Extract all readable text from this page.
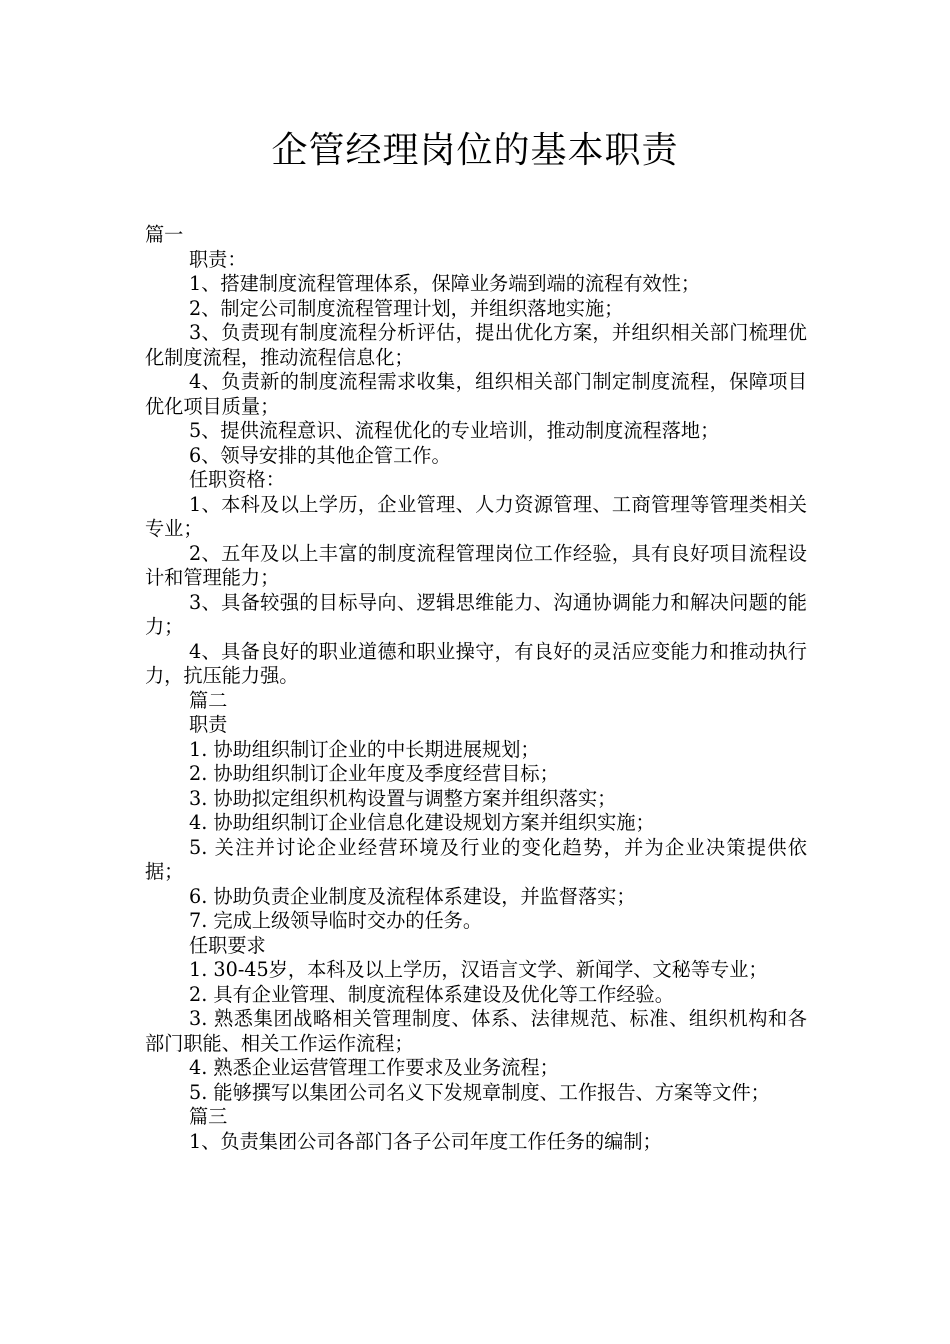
企管经理岗位的基本职责

篇一

职责：

1、搭建制度流程管理体系，保障业务端到端的流程有效性；

2、制定公司制度流程管理计划，并组织落地实施；

3、负责现有制度流程分析评估，提出优化方案，并组织相关部门梳理优化制度流程，推动流程信息化；

4、负责新的制度流程需求收集，组织相关部门制定制度流程，保障项目优化项目质量；

5、提供流程意识、流程优化的专业培训，推动制度流程落地；

6、领导安排的其他企管工作。

任职资格：

1、本科及以上学历，企业管理、人力资源管理、工商管理等管理类相关专业；

2、五年及以上丰富的制度流程管理岗位工作经验，具有良好项目流程设计和管理能力；

3、具备较强的目标导向、逻辑思维能力、沟通协调能力和解决问题的能力；

4、具备良好的职业道德和职业操守，有良好的灵活应变能力和推动执行力，抗压能力强。

篇二

职责

1. 协助组织制订企业的中长期进展规划；

2. 协助组织制订企业年度及季度经营目标；

3. 协助拟定组织机构设置与调整方案并组织落实；

4. 协助组织制订企业信息化建设规划方案并组织实施；

5. 关注并讨论企业经营环境及行业的变化趋势，并为企业决策提供依据；

6. 协助负责企业制度及流程体系建设，并监督落实；

7. 完成上级领导临时交办的任务。

任职要求

1. 30-45岁，本科及以上学历，汉语言文学、新闻学、文秘等专业；

2. 具有企业管理、制度流程体系建设及优化等工作经验。

3. 熟悉集团战略相关管理制度、体系、法律规范、标准、组织机构和各部门职能、相关工作运作流程；

4. 熟悉企业运营管理工作要求及业务流程；

5. 能够撰写以集团公司名义下发规章制度、工作报告、方案等文件；

篇三

1、负责集团公司各部门各子公司年度工作任务的编制；
